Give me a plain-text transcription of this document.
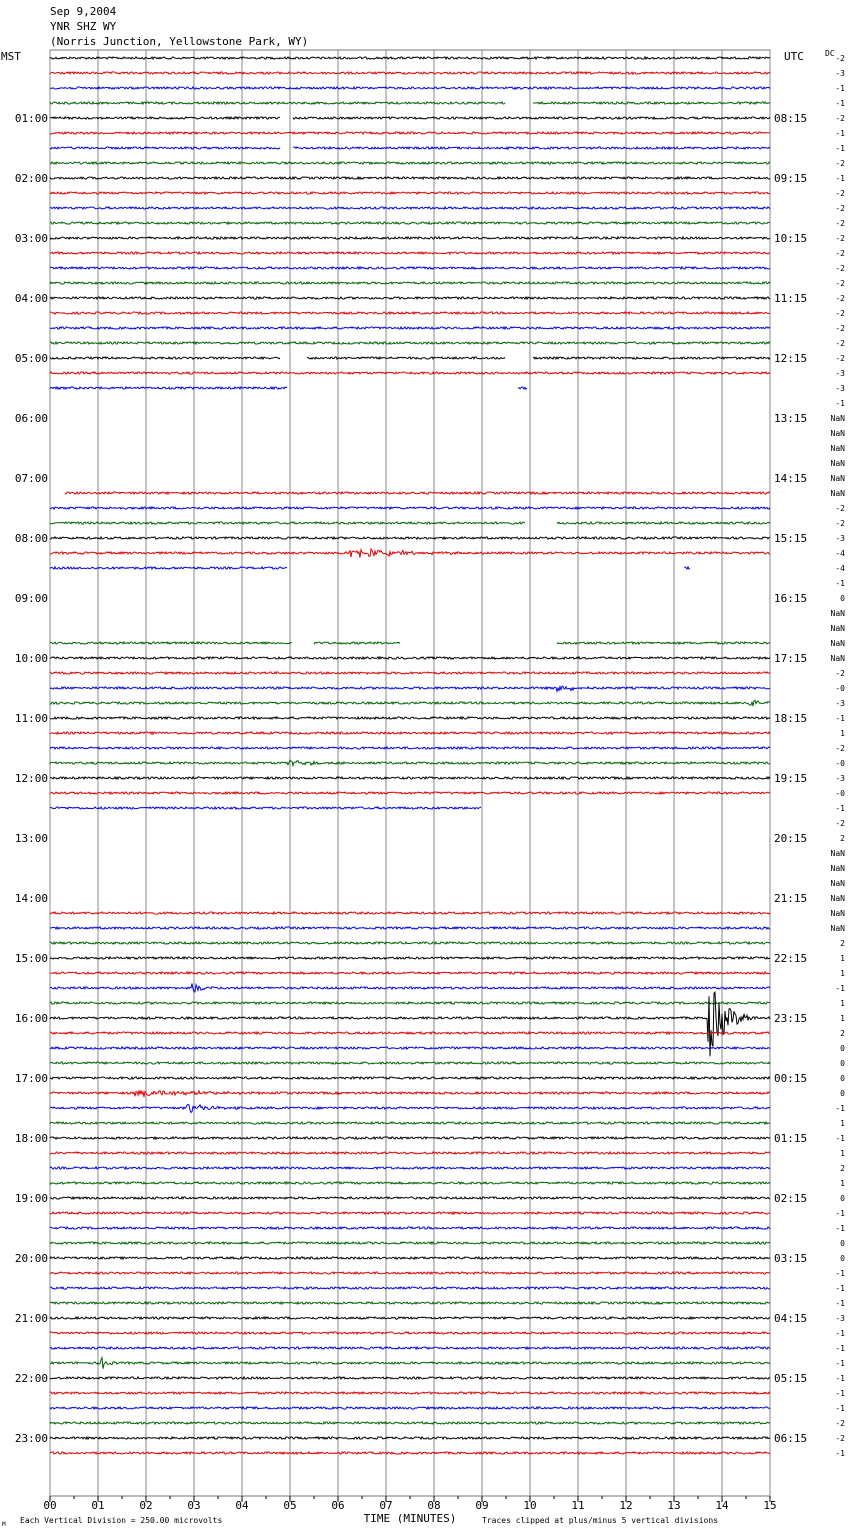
Sep 9,2004
YNR SHZ WY
(Norris Junction, Yellowstone Park, WY)
00	01	02	03	04	05	06	07	08	09	10	11	12	13	14	15
-2
-3
-1
-1
-2
-1
-1
-2
-1
-2
-2
-2
-2
-2
-2
-2
-2
-2
-2
-2
-2
-3
-3
-1
NaN
NaN
NaN
NaN
NaN
NaN
-2
-2
-3
-4
-4
-1
0
NaN
NaN
NaN
NaN
-2
-0
-3
-1
1
-2
-0
-3
-0
-1
-2
2
NaN
NaN
NaN
NaN
NaN
NaN
2
1
1
-1
1
1
2
0
0
0
0
-1
1
-1
1
2
1
0
-1
-1
0
0
-1
-1
-1
-3
-1
-1
-1
-1
-1
-1
-2
-2
-1
MST	UTC	DC
01:00
02:00
03:00
04:00
05:00
06:00
07:00
08:00
09:00
10:00
11:00
12:00
13:00
14:00
15:00
16:00
17:00
18:00
19:00
20:00
21:00
22:00
23:00
08:15
09:15
10:15
11:15
12:15
13:15
14:15
15:15
16:15
17:15
18:15
19:15
20:15
21:15
22:15
23:15
00:15
01:15
02:15
03:15
04:15
05:15
06:15
TIME (MINUTES)
Each Vertical Division = 250.00 microvolts	Traces clipped at plus/minus 5 vertical divisions
M
